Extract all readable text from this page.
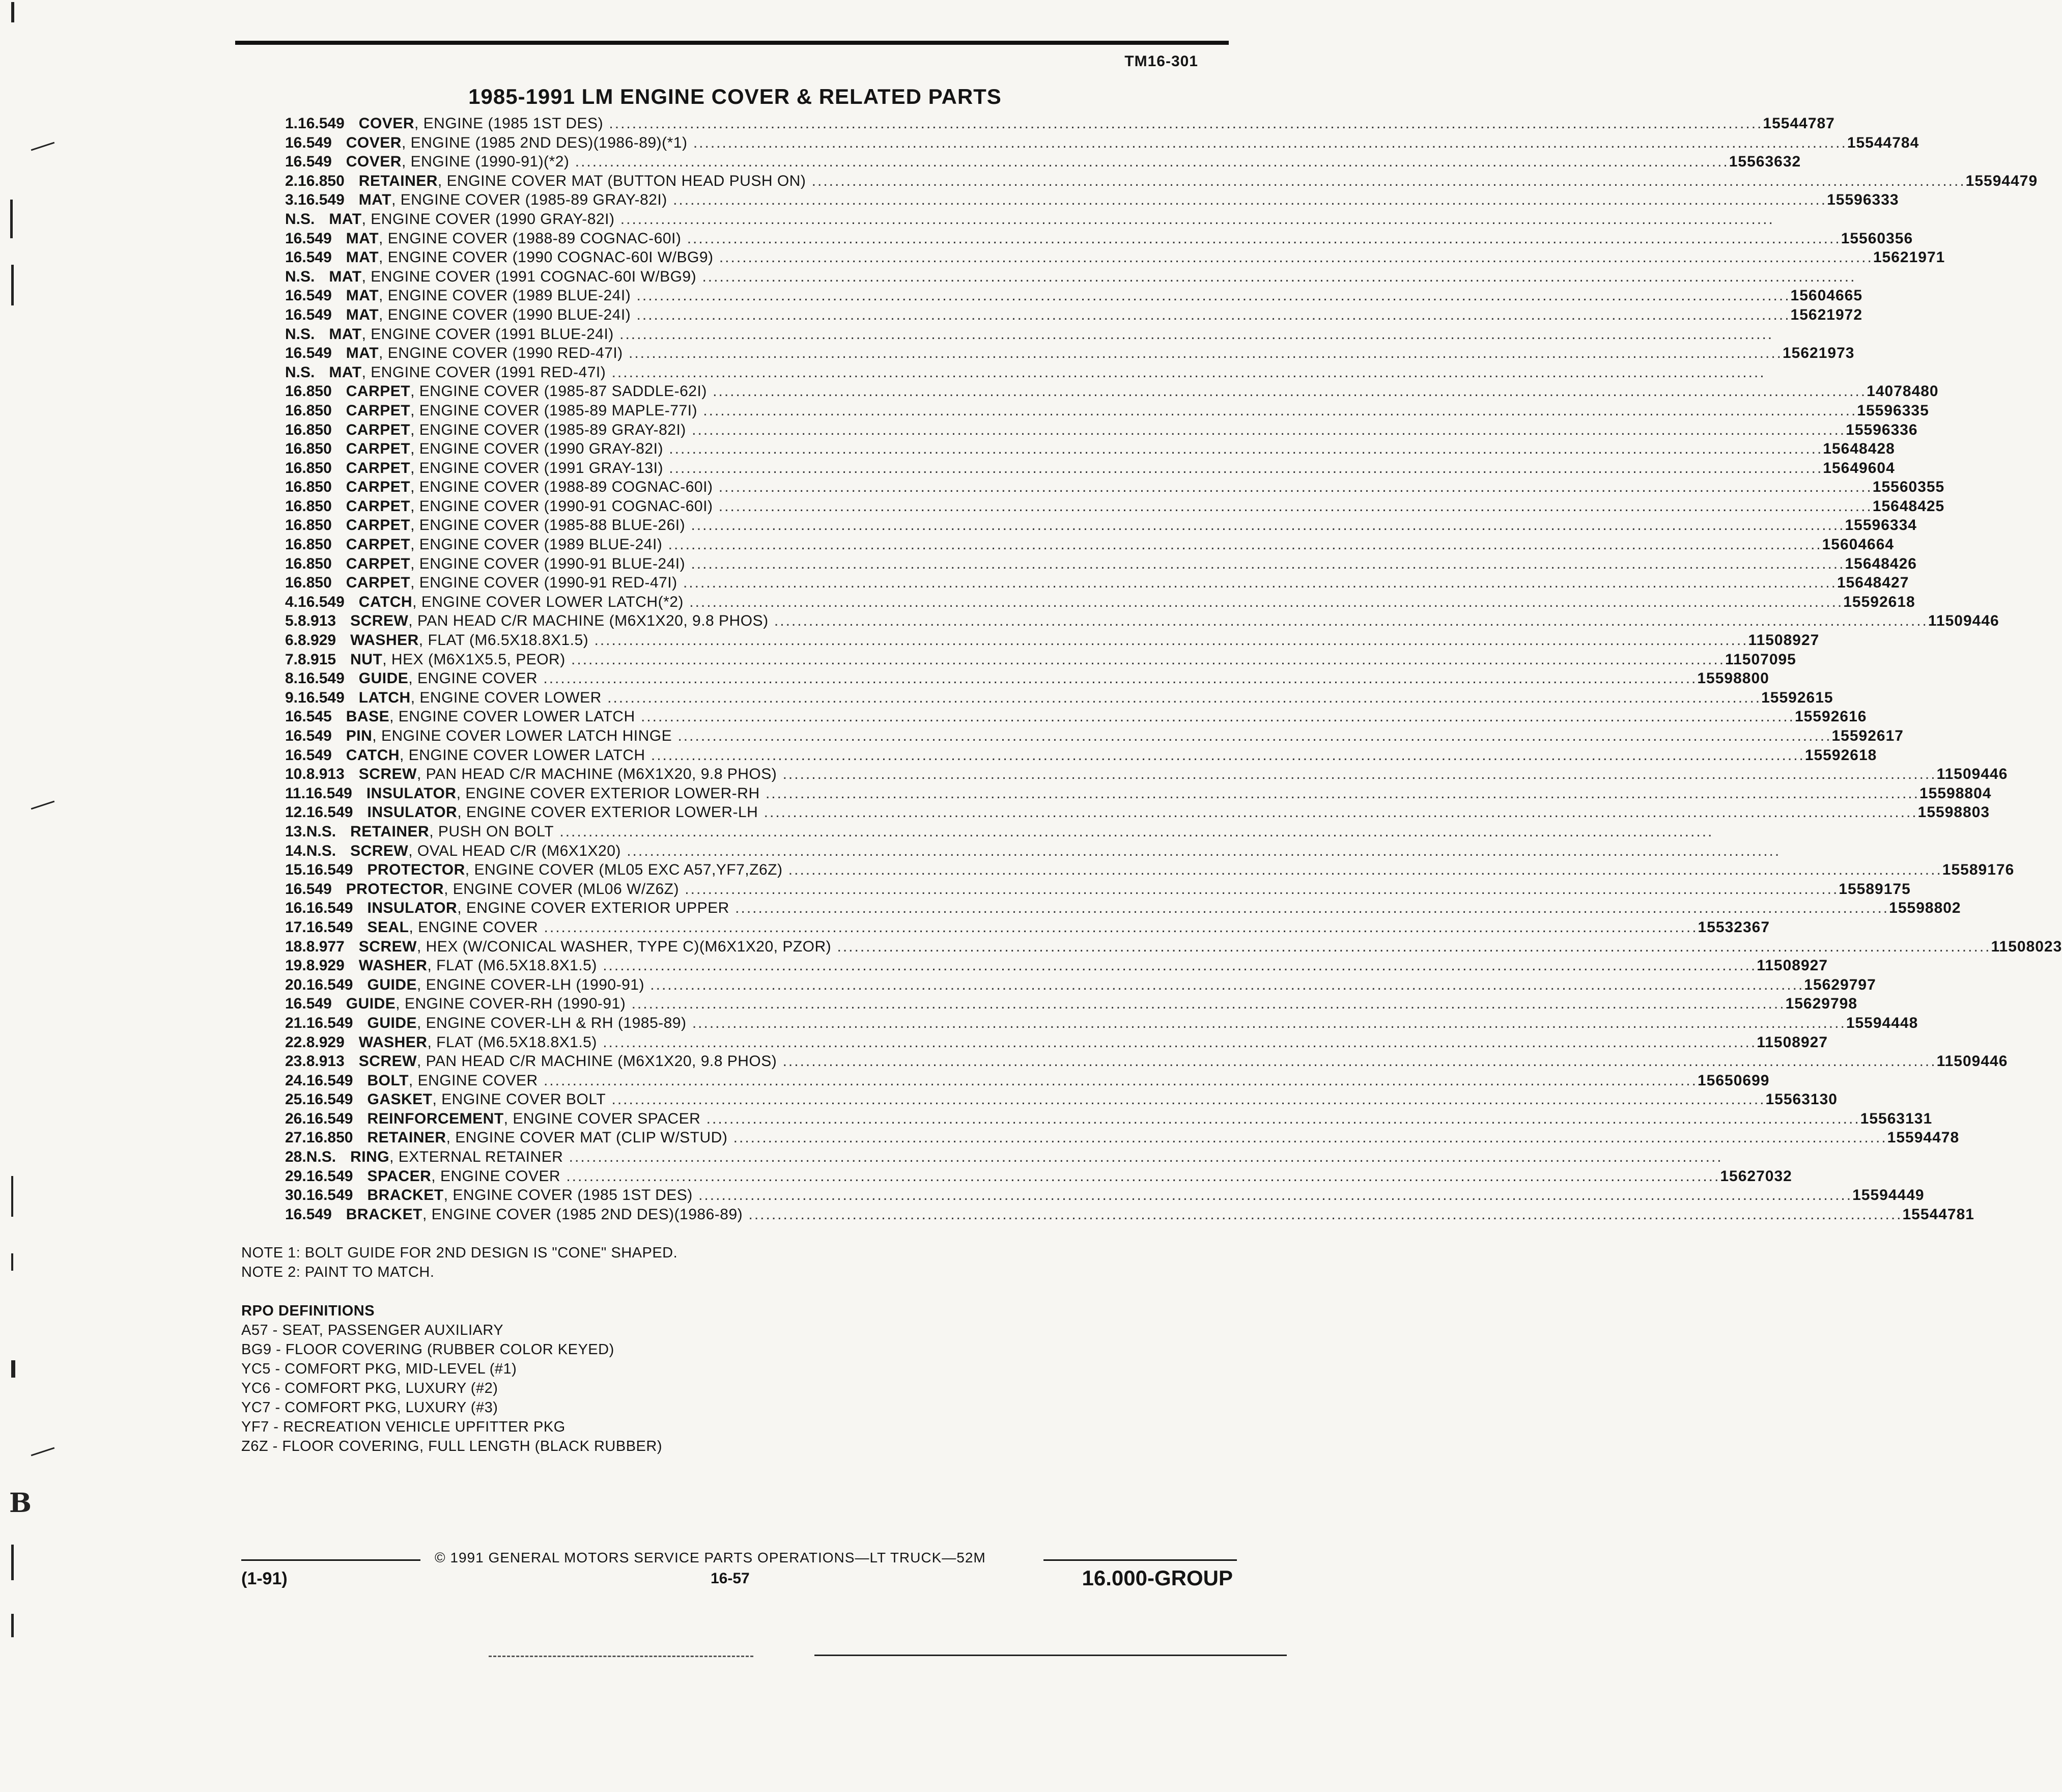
B
TM16-301
1985-1991 LM ENGINE COVER & RELATED PARTS
1. 16.549 COVER, ENGINE (1985 1ST DES) ........................................................................................................................................................................................................ 15544787
16.549 COVER, ENGINE (1985 2ND DES)(1986-89)(*1) ........................................................................................................................................................................................................ 15544784
16.549 COVER, ENGINE (1990-91)(*2) ........................................................................................................................................................................................................ 15563632
2. 16.850 RETAINER, ENGINE COVER MAT (BUTTON HEAD PUSH ON) ........................................................................................................................................................................................................ 15594479
3. 16.549 MAT, ENGINE COVER (1985-89 GRAY-82I) ........................................................................................................................................................................................................ 15596333
N.S. MAT, ENGINE COVER (1990 GRAY-82I) ........................................................................................................................................................................................................
16.549 MAT, ENGINE COVER (1988-89 COGNAC-60I) ........................................................................................................................................................................................................ 15560356
16.549 MAT, ENGINE COVER (1990 COGNAC-60I W/BG9) ........................................................................................................................................................................................................ 15621971
N.S. MAT, ENGINE COVER (1991 COGNAC-60I W/BG9) ........................................................................................................................................................................................................
16.549 MAT, ENGINE COVER (1989 BLUE-24I) ........................................................................................................................................................................................................ 15604665
16.549 MAT, ENGINE COVER (1990 BLUE-24I) ........................................................................................................................................................................................................ 15621972
N.S. MAT, ENGINE COVER (1991 BLUE-24I) ........................................................................................................................................................................................................
16.549 MAT, ENGINE COVER (1990 RED-47I) ........................................................................................................................................................................................................ 15621973
N.S. MAT, ENGINE COVER (1991 RED-47I) ........................................................................................................................................................................................................
16.850 CARPET, ENGINE COVER (1985-87 SADDLE-62I) ........................................................................................................................................................................................................ 14078480
16.850 CARPET, ENGINE COVER (1985-89 MAPLE-77I) ........................................................................................................................................................................................................ 15596335
16.850 CARPET, ENGINE COVER (1985-89 GRAY-82I) ........................................................................................................................................................................................................ 15596336
16.850 CARPET, ENGINE COVER (1990 GRAY-82I) ........................................................................................................................................................................................................ 15648428
16.850 CARPET, ENGINE COVER (1991 GRAY-13I) ........................................................................................................................................................................................................ 15649604
16.850 CARPET, ENGINE COVER (1988-89 COGNAC-60I) ........................................................................................................................................................................................................ 15560355
16.850 CARPET, ENGINE COVER (1990-91 COGNAC-60I) ........................................................................................................................................................................................................ 15648425
16.850 CARPET, ENGINE COVER (1985-88 BLUE-26I) ........................................................................................................................................................................................................ 15596334
16.850 CARPET, ENGINE COVER (1989 BLUE-24I) ........................................................................................................................................................................................................ 15604664
16.850 CARPET, ENGINE COVER (1990-91 BLUE-24I) ........................................................................................................................................................................................................ 15648426
16.850 CARPET, ENGINE COVER (1990-91 RED-47I) ........................................................................................................................................................................................................ 15648427
4. 16.549 CATCH, ENGINE COVER LOWER LATCH(*2) ........................................................................................................................................................................................................ 15592618
5. 8.913 SCREW, PAN HEAD C/R MACHINE (M6X1X20, 9.8 PHOS) ........................................................................................................................................................................................................ 11509446
6. 8.929 WASHER, FLAT (M6.5X18.8X1.5) ........................................................................................................................................................................................................ 11508927
7. 8.915 NUT, HEX (M6X1X5.5, PEOR) ........................................................................................................................................................................................................ 11507095
8. 16.549 GUIDE, ENGINE COVER ........................................................................................................................................................................................................ 15598800
9. 16.549 LATCH, ENGINE COVER LOWER ........................................................................................................................................................................................................ 15592615
16.545 BASE, ENGINE COVER LOWER LATCH ........................................................................................................................................................................................................ 15592616
16.549 PIN, ENGINE COVER LOWER LATCH HINGE ........................................................................................................................................................................................................ 15592617
16.549 CATCH, ENGINE COVER LOWER LATCH ........................................................................................................................................................................................................ 15592618
10. 8.913 SCREW, PAN HEAD C/R MACHINE (M6X1X20, 9.8 PHOS) ........................................................................................................................................................................................................ 11509446
11. 16.549 INSULATOR, ENGINE COVER EXTERIOR LOWER-RH ........................................................................................................................................................................................................ 15598804
12. 16.549 INSULATOR, ENGINE COVER EXTERIOR LOWER-LH ........................................................................................................................................................................................................ 15598803
13. N.S. RETAINER, PUSH ON BOLT ........................................................................................................................................................................................................
14. N.S. SCREW, OVAL HEAD C/R (M6X1X20) ........................................................................................................................................................................................................
15. 16.549 PROTECTOR, ENGINE COVER (ML05 EXC A57,YF7,Z6Z) ........................................................................................................................................................................................................ 15589176
16.549 PROTECTOR, ENGINE COVER (ML06 W/Z6Z) ........................................................................................................................................................................................................ 15589175
16. 16.549 INSULATOR, ENGINE COVER EXTERIOR UPPER ........................................................................................................................................................................................................ 15598802
17. 16.549 SEAL, ENGINE COVER ........................................................................................................................................................................................................ 15532367
18. 8.977 SCREW, HEX (W/CONICAL WASHER, TYPE C)(M6X1X20, PZOR) ........................................................................................................................................................................................................ 11508023
19. 8.929 WASHER, FLAT (M6.5X18.8X1.5) ........................................................................................................................................................................................................ 11508927
20. 16.549 GUIDE, ENGINE COVER-LH (1990-91) ........................................................................................................................................................................................................ 15629797
16.549 GUIDE, ENGINE COVER-RH (1990-91) ........................................................................................................................................................................................................ 15629798
21. 16.549 GUIDE, ENGINE COVER-LH & RH (1985-89) ........................................................................................................................................................................................................ 15594448
22. 8.929 WASHER, FLAT (M6.5X18.8X1.5) ........................................................................................................................................................................................................ 11508927
23. 8.913 SCREW, PAN HEAD C/R MACHINE (M6X1X20, 9.8 PHOS) ........................................................................................................................................................................................................ 11509446
24. 16.549 BOLT, ENGINE COVER ........................................................................................................................................................................................................ 15650699
25. 16.549 GASKET, ENGINE COVER BOLT ........................................................................................................................................................................................................ 15563130
26. 16.549 REINFORCEMENT, ENGINE COVER SPACER ........................................................................................................................................................................................................ 15563131
27. 16.850 RETAINER, ENGINE COVER MAT (CLIP W/STUD) ........................................................................................................................................................................................................ 15594478
28. N.S. RING, EXTERNAL RETAINER ........................................................................................................................................................................................................
29. 16.549 SPACER, ENGINE COVER ........................................................................................................................................................................................................ 15627032
30. 16.549 BRACKET, ENGINE COVER (1985 1ST DES) ........................................................................................................................................................................................................ 15594449
16.549 BRACKET, ENGINE COVER (1985 2ND DES)(1986-89) ........................................................................................................................................................................................................ 15544781
NOTE 1: BOLT GUIDE FOR 2ND DESIGN IS "CONE" SHAPED.
NOTE 2: PAINT TO MATCH.
RPO DEFINITIONS
A57 - SEAT, PASSENGER AUXILIARY
BG9 - FLOOR COVERING (RUBBER COLOR KEYED)
YC5 - COMFORT PKG, MID-LEVEL (#1)
YC6 - COMFORT PKG, LUXURY (#2)
YC7 - COMFORT PKG, LUXURY (#3)
YF7 - RECREATION VEHICLE UPFITTER PKG
Z6Z - FLOOR COVERING, FULL LENGTH (BLACK RUBBER)
© 1991 GENERAL MOTORS SERVICE PARTS OPERATIONS—LT TRUCK—52M
(1-91)	16-57	16.000-GROUP
